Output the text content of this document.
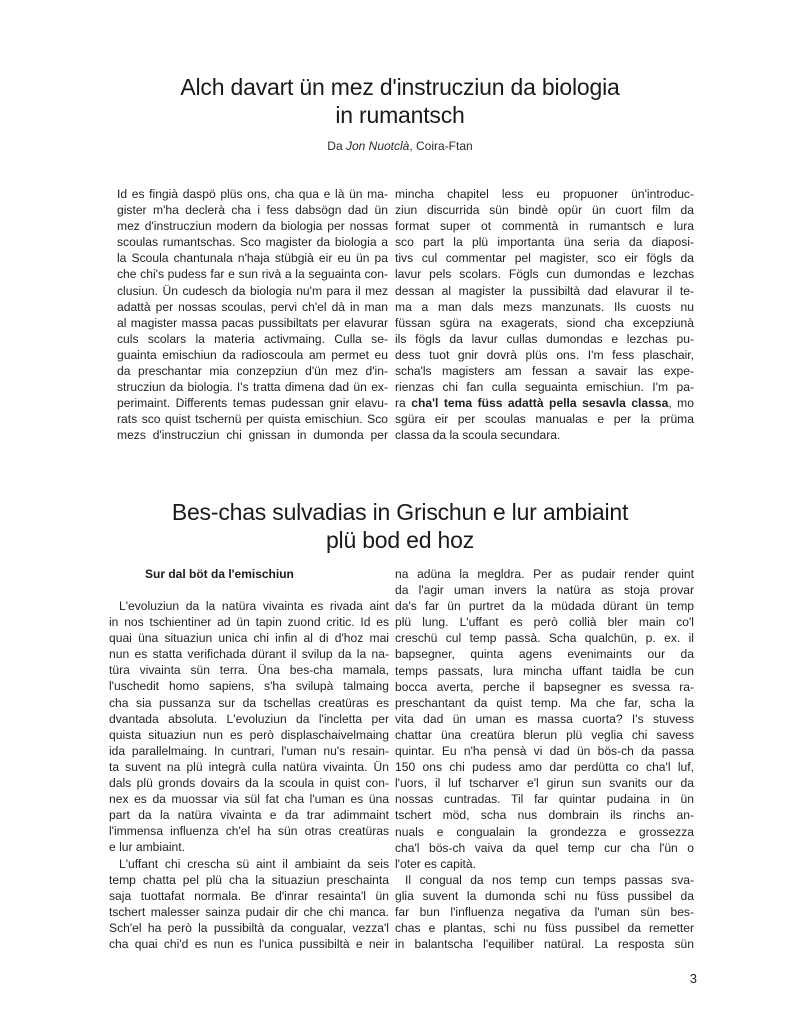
Alch davart ün mez d'instrucziun da biologia
in rumantsch
Da Jon Nuotclà, Coira-Ftan
Id es fingià daspö plüs ons, cha qua e là ün ma-
gister m'ha declerà cha i fess dabsögn dad ün
mez d'instrucziun modern da biologia per nossas
scoulas rumantschas. Sco magister da biologia a
la Scoula chantunala n'haja stübgià eir eu ün pa
che chi's pudess far e sun rivà a la seguainta con-
clusiun. Ün cudesch da biologia nu'm para il mez
adattà per nossas scoulas, pervi ch'el dà in man
al magister massa pacas pussibiltats per elavurar
culs scolars la materia activmaing. Culla se-
guainta emischiun da radioscoula am permet eu
da preschantar mia conzepziun d'ün mez d'in-
strucziun da biologia. I's tratta dimena dad ün ex-
perimaint. Differents temas pudessan gnir elavu-
rats sco quist tschernü per quista emischiun. Sco
mezs d'instrucziun chi gnissan in dumonda per
mincha chapitel less eu propuoner ün'introduc-
ziun discurrida sün bindè opür ün cuort film da
format super ot commentà in rumantsch e lura
sco part la plü importanta üna seria da diaposi-
tivs cul commentar pel magister, sco eir fögls da
lavur pels scolars. Fögls cun dumondas e lezchas
dessan al magister la pussibiltà dad elavurar il te-
ma a man dals mezs manzunats. Ils cuosts nu
füssan sgüra na exagerats, siond cha excepziunà
ils fögls da lavur cullas dumondas e lezchas pu-
dess tuot gnir dovrà plüs ons. I'm fess plaschair,
scha'ls magisters am fessan a savair las expe-
rienzas chi fan culla seguainta emischiun. I'm pa-
ra cha'l tema füss adattà pella sesavla classa, mo
sgüra eir per scoulas manualas e per la prüma
classa da la scoula secundara.
Bes-chas sulvadias in Grischun e lur ambiaint
plü bod ed hoz
Sur dal böt da l'emischiun
L'evoluziun da la natüra vivainta es rivada aint
in nos tschientiner ad ün tapin zuond critic. Id es
quai üna situaziun unica chi infin al di d'hoz mai
nun es statta verifichada dürant il svilup da la na-
türa vivainta sün terra. Üna bes-cha mamala,
l'uschedit homo sapiens, s'ha svilupà talmaing
cha sia pussanza sur da tschellas creatüras es
dvantada absoluta. L'evoluziun da l'incletta per
quista situaziun nun es però displaschaivelmaing
ida parallelmaing. In cuntrari, l'uman nu's resain-
ta suvent na plü integrà culla natüra vivainta. Ün
dals plü gronds dovairs da la scoula in quist con-
nex es da muossar via sül fat cha l'uman es üna
part da la natüra vivainta e da trar adimmaint
l'immensa influenza ch'el ha sün otras creatüras
e lur ambiaint.
L'uffant chi crescha sü aint il ambiaint da seis
temp chatta pel plü cha la situaziun preschainta
saja tuottafat normala. Be d'inrar resainta'l ün
tschert malesser sainza pudair dir che chi manca.
Sch'el ha però la pussibiltà da congualar, vezza'l
cha quai chi'd es nun es l'unica pussibiltà e neir
na adüna la megldra. Per as pudair render quint
da l'agir uman invers la natüra as stoja provar
da's far ün purtret da la müdada dürant ün temp
plü lung. L'uffant es però collià bler main co'l
creschü cul temp passà. Scha qualchün, p. ex. il
bapsegner, quinta agens evenimaints our da
temps passats, lura mincha uffant taidla be cun
bocca averta, perche il bapsegner es svessa ra-
preschantant da quist temp. Ma che far, scha la
vita dad ün uman es massa cuorta? I's stuvess
chattar üna creatüra blerun plü veglia chi savess
quintar. Eu n'ha pensà vi dad ün bös-ch da passa
150 ons chi pudess amo dar perdütta co cha'l luf,
l'uors, il luf tscharver e'l girun sun svanits our da
nossas cuntradas. Til far quintar pudaina in ün
tschert möd, scha nus dombrain ils rinchs an-
nuals e congualain la grondezza e grossezza
cha'l bös-ch vaiva da quel temp cur cha l'ün o
l'oter es capità.
Il congual da nos temp cun temps passas sva-
glia suvent la dumonda schi nu füss pussibel da
far bun l'influenza negativa da l'uman sün bes-
chas e plantas, schi nu füss pussibel da remetter
in balantscha l'equiliber natüral. La resposta sün
3
